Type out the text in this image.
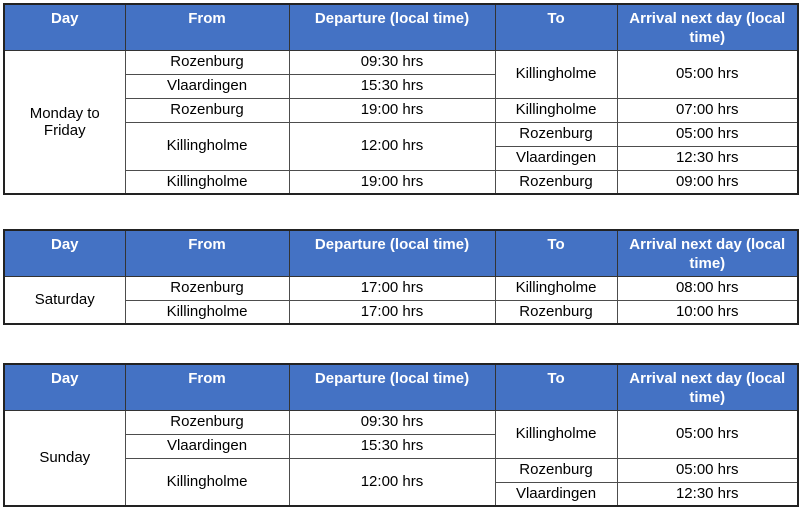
Day	From	Departure (local time)	To	Arrival next day (local time)
Monday to Friday	Rozenburg	09:30 hrs	Killingholme	05:00 hrs
	Vlaardingen	15:30 hrs		
	Rozenburg	19:00 hrs	Killingholme	07:00 hrs
	Killingholme	12:00 hrs	Rozenburg	05:00 hrs
			Vlaardingen	12:30 hrs
	Killingholme	19:00 hrs	Rozenburg	09:00 hrs
Day	From	Departure (local time)	To	Arrival next day (local time)
Saturday	Rozenburg	17:00 hrs	Killingholme	08:00 hrs
	Killingholme	17:00 hrs	Rozenburg	10:00 hrs
Day	From	Departure (local time)	To	Arrival next day (local time)
Sunday	Rozenburg	09:30 hrs	Killingholme	05:00 hrs
	Vlaardingen	15:30 hrs		
	Killingholme	12:00 hrs	Rozenburg	05:00 hrs
			Vlaardingen	12:30 hrs
